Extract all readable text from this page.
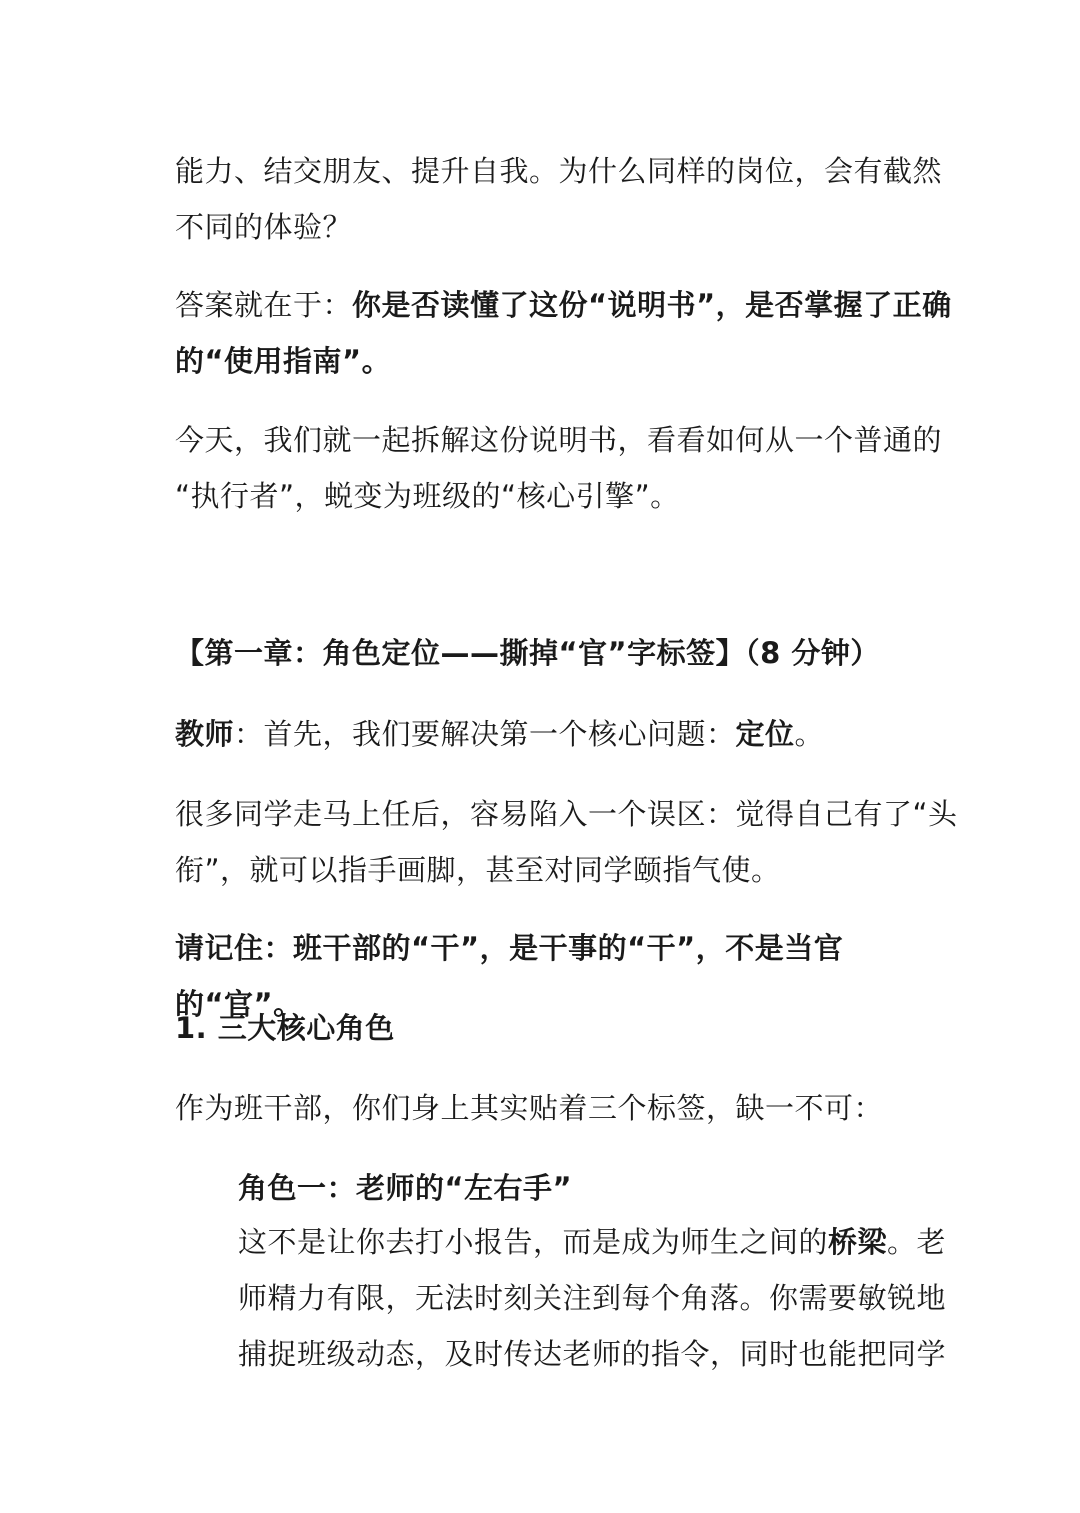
能力、结交朋友、提升自我。为什么同样的岗位，会有截然
不同的体验？

答案就在于：你是否读懂了这份“说明书”，是否掌握了正确
的“使用指南”。

今天，我们就一起拆解这份说明书，看看如何从一个普通的
“执行者”，蜕变为班级的“核心引擎”。

【第一章：角色定位——撕掉“官”字标签】（8 分钟）

教师：首先，我们要解决第一个核心问题：定位。

很多同学走马上任后，容易陷入一个误区：觉得自己有了“头
衔”，就可以指手画脚，甚至对同学颐指气使。

请记住：班干部的“干”，是干事的“干”，不是当官的“官”。

1. 三大核心角色

作为班干部，你们身上其实贴着三个标签，缺一不可：

角色一：老师的“左右手”

这不是让你去打小报告，而是成为师生之间的桥梁。老
师精力有限，无法时刻关注到每个角落。你需要敏锐地
捕捉班级动态，及时传达老师的指令，同时也能把同学
